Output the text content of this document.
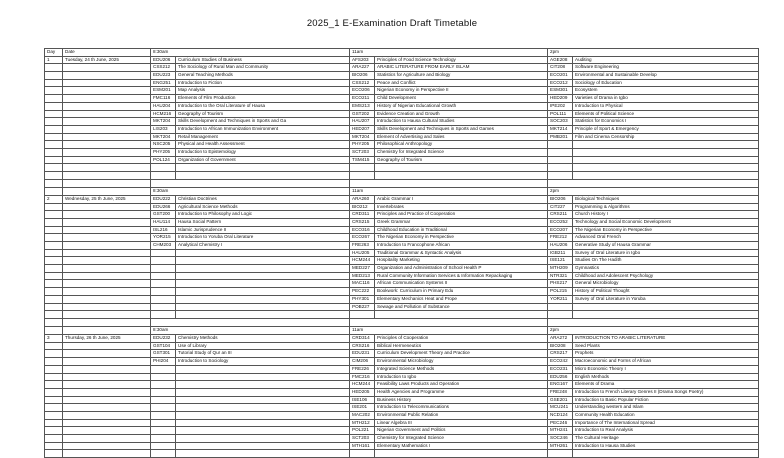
2025_1 E-Examination Draft Timetable
Day	Date	8:30am		11am		2pm	
1	Tuesday, 24 th June, 2025	EDU206	Curriculum Studies of Business	AFS203	Principles of Food Science Technology	AGE208	Auditing
		CSS212	The Sociology of Rural Man and Community	ARA227	ARABIC LITERATURE FROM EARLY ISLAM	CIT208	Software Engineering
		EDU223	General Teaching Methods	BIO206	Statistics for Agriculture and Biology	ECO201	Environmental and Sustainable Develop
		ENG251	Introduction to Fiction	CSS212	Peace and Conflict	ECO212	Sociology of Education
		ESM201	Map Analysis	ECO206	Nigerian Economy in Perspective II	ESM301	Ecosystem
		FMC116	Elements of Film Production	ECO211	Child Development	HED209	Varieties of Drama in Igbo
		HAU204	Introduction to the Oral Literature of Hausa	EMS213	History of Nigerian Educational Growth	IPE202	Introduction to Physical
		HCM216	Geography of Tourism	GST202	Evidence Creation and Growth	POL111	Elements of Political Science
		MKT204	Skills Development and Techniques in Sports and Ga	HAU207	Introduction to Hausa Cultural Studies	SOC203	Statistics for Economics I
		LIS203	Introduction to African Immunization Environment	HED207	Skills Development and Techniques in Sports and Games	MKT214	Principle of Sport & Emergency
		MKT204	Retail Management	MKT204	Element of Advertising and Sales	PMB201	Film and Cinema Censorship
		NSC205	Physical and Health Assessment	PHY205	Philosophical Anthropology		
		PHY205	Introduction to Epistemology	SCT203	Chemistry for Integrated Science		
		POL124	Organization of Government	TSM415	Geography of Tourism		

		8:30am		11am		2pm	
2	Wednesday, 25 th June, 2025	EDU222	Christian Doctrines	ARA260	Arabic Grammar I	BIO206	Biological Techniques
		EDU266	Agricultural Science Methods	BIO212	Invertebrates	CIT227	Programming & Algorithms
		GST200	Introduction to Philosophy and Logic	CRD311	Principles and Practice of Cooperation	CRS211	Church History I
		HAU114	Hausa Social Pattern	CRS215	Greek Grammar	ECO252	Technology and Social Economic Development
		ISL216	Islamic Jurisprudence II	ECO316	Childhood Education in Traditional	ECO207	The Nigerian Economy in Perspective
		YOR215	Introduction to Yoruba Oral Literature	ECO267	The Nigerian Economy in Perspective	FRE212	Advanced Oral French
		CHM203	Analytical Chemistry I	FRE263	Introduction to Francophone African	HAU206	Generative Study of Hausa Grammar
				HAU205	Traditional Grammar & Syntactic Analysis	IGB211	Survey of Oral Literature in Igbo
				HCM244	Hospitality Marketing	ISE121	Studies On The Hadith
				MED227	Organization and Administration of School Health P	MTH209	Gymnastics
				MED213	Rural Community Information Services & Information Repackaging	NTR321	Childhood and Adolescent Psychology
				MAC116	African Communication Systems II	PHS217	General Microbiology
				PEC222	Bookwork: Curriculum in Primary Edu	POL215	History of Political Thought
				PHY301	Elementary Mechanics Heat and Prope	YOR211	Survey of Oral Literature in Yoruba
				POB227	Sewage and Pollution of Substance		

		8:30am		11am		2pm	
3	Thursday, 26 th June, 2025	EDU232	Chemistry Methods	CRD314	Principles of Cooperation	ARA272	INTRODUCTION TO ARABIC LITERATURE
		GST104	Use of Library	CRS216	Biblical Hermeneutics	BIO208	Seed Plants
		GST301	Tutorial Study of Qur an III	EDU231	Curriculum Development Theory and Practice	CRS217	Prophets
		PHI204	Introduction to Sociology	CIM206	Environmental Microbiology	ECO242	Macroeconomic and Forms of African
				FRE226	Integrated Science Methods	ECO231	Micro Economic Theory I
				FMC216	Introduction to Igbo	EDU256	English Methods
				HCM244	Feasibility Laws Products and Operation	ENG167	Elements of Drama
				HED205	Health Agencies and Programme	FRE248	Introduction to French Literary Genres II (Drama Songs Poetry)
				ISE106	Business History	GSE201	Introduction to Basic Popular Fiction
				ISE201	Introduction to Telecommunications	MCU241	Understanding western and Islam
				MAC202	Environmental Public Relation	NCD124	Community Health Education
				MTH212	Linear Algebra III	PEC246	Importance of The International Spread
				POL221	Nigerian Government and Politics	MTH241	Introduction to Real Analysis
				SCT203	Chemistry for Integrated Science	SOC246	The Cultural Heritage
				MTH161	Elementary Mathematics I	MTH261	Introduction to Hausa Studies
